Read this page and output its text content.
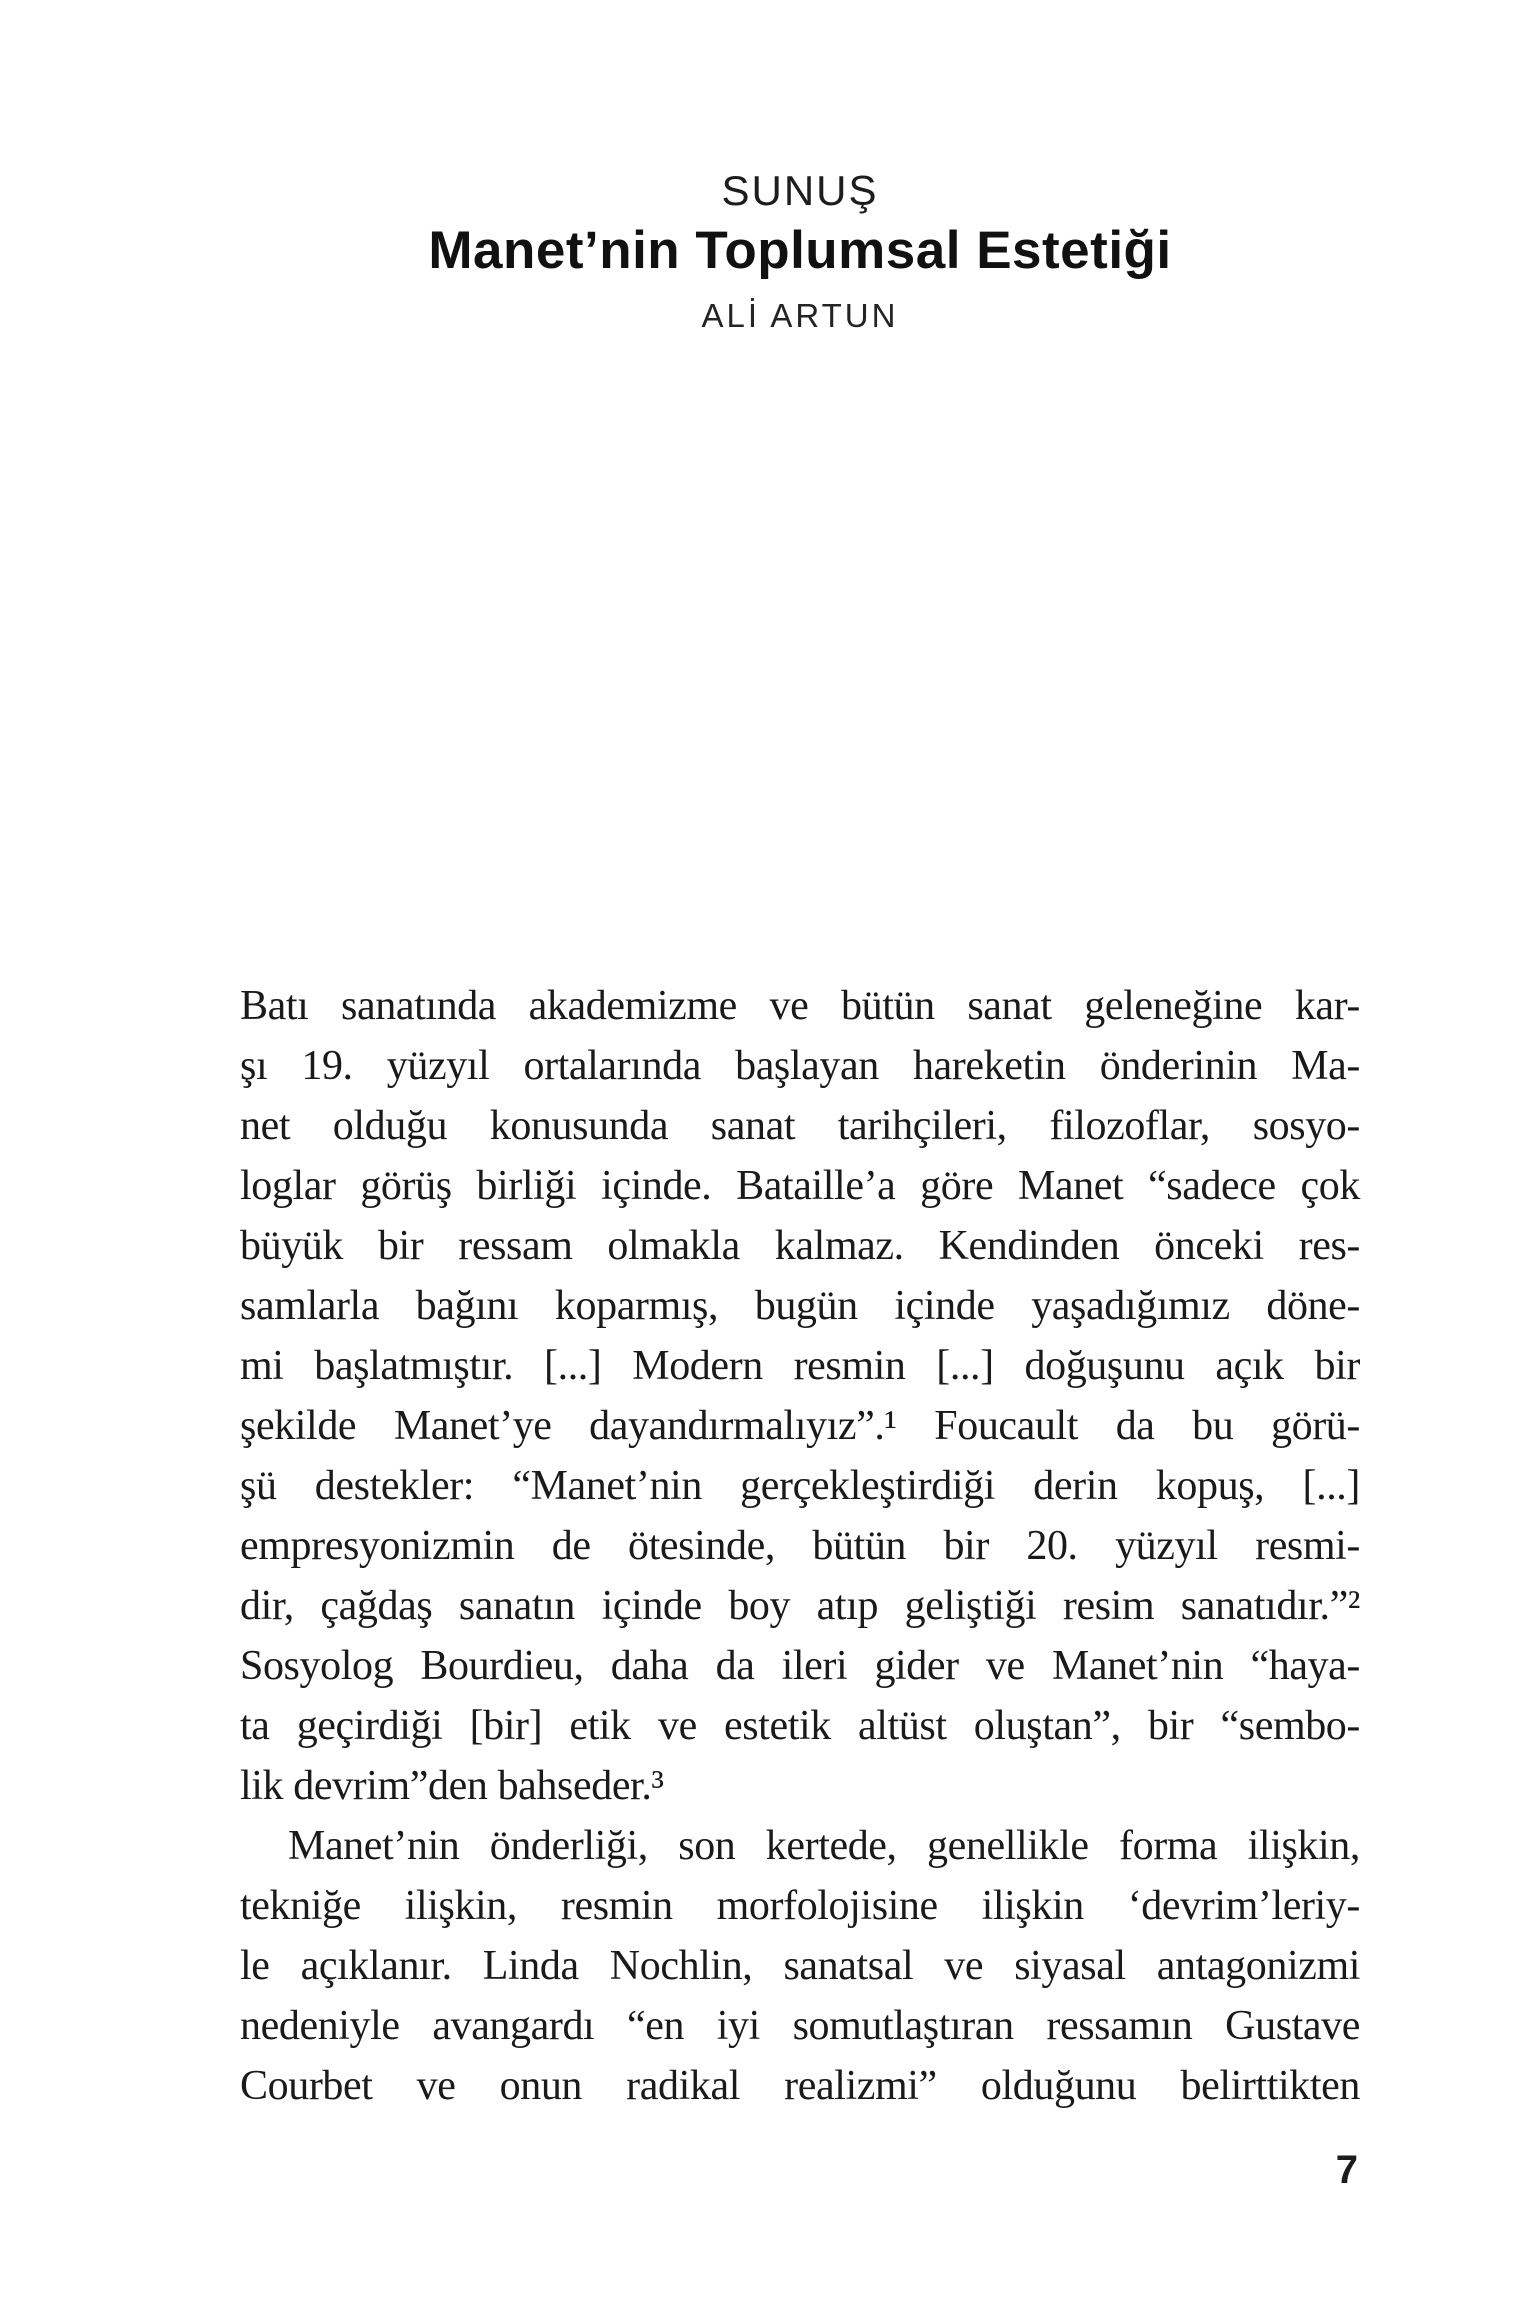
SUNUŞ
Manet’nin Toplumsal Estetiği
ALİ ARTUN
Batı sanatında akademizme ve bütün sanat geleneğine kar-
şı 19. yüzyıl ortalarında başlayan hareketin önderinin Ma-
net olduğu konusunda sanat tarihçileri, filozoflar, sosyo-
loglar görüş birliği içinde. Bataille’a göre Manet “sadece çok
büyük bir ressam olmakla kalmaz. Kendinden önceki res-
samlarla bağını koparmış, bugün içinde yaşadığımız döne-
mi başlatmıştır. [...] Modern resmin [...] doğuşunu açık bir
şekilde Manet’ye dayandırmalıyız”.¹ Foucault da bu görü-
şü destekler: “Manet’nin gerçekleştirdiği derin kopuş, [...]
empresyonizmin de ötesinde, bütün bir 20. yüzyıl resmi-
dir, çağdaş sanatın içinde boy atıp geliştiği resim sanatıdır.”²
Sosyolog Bourdieu, daha da ileri gider ve Manet’nin “haya-
ta geçirdiği [bir] etik ve estetik altüst oluştan”, bir “sembo-
lik devrim”den bahseder.³
Manet’nin önderliği, son kertede, genellikle forma ilişkin,
tekniğe ilişkin, resmin morfolojisine ilişkin ‘devrim’leriy-
le açıklanır. Linda Nochlin, sanatsal ve siyasal antagonizmi
nedeniyle avangardı “en iyi somutlaştıran ressamın Gustave
Courbet ve onun radikal realizmi” olduğunu belirttikten
7
